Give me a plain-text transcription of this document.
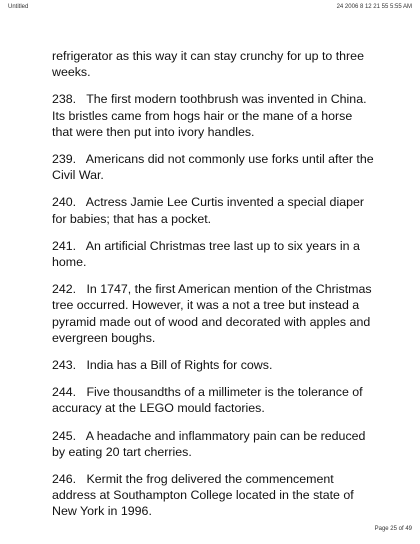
Untitled	24 2006 8 12 21 55 5:55 AM

refrigerator as this way it can stay crunchy for up to three weeks.

238.   The first modern toothbrush was invented in China. Its bristles came from hogs hair or the mane of a horse that were then put into ivory handles.

239.   Americans did not commonly use forks until after the Civil War.

240.   Actress Jamie Lee Curtis invented a special diaper for babies; that has a pocket.

241.   An artificial Christmas tree last up to six years in a home.

242.   In 1747, the first American mention of the Christmas tree occurred. However, it was a not a tree but instead a pyramid made out of wood and decorated with apples and evergreen boughs.

243.   India has a Bill of Rights for cows.

244.   Five thousandths of a millimeter is the tolerance of accuracy at the LEGO mould factories.

245.   A headache and inflammatory pain can be reduced by eating 20 tart cherries.

246.   Kermit the frog delivered the commencement address at Southampton College located in the state of New York in 1996.

Page 25 of 49
